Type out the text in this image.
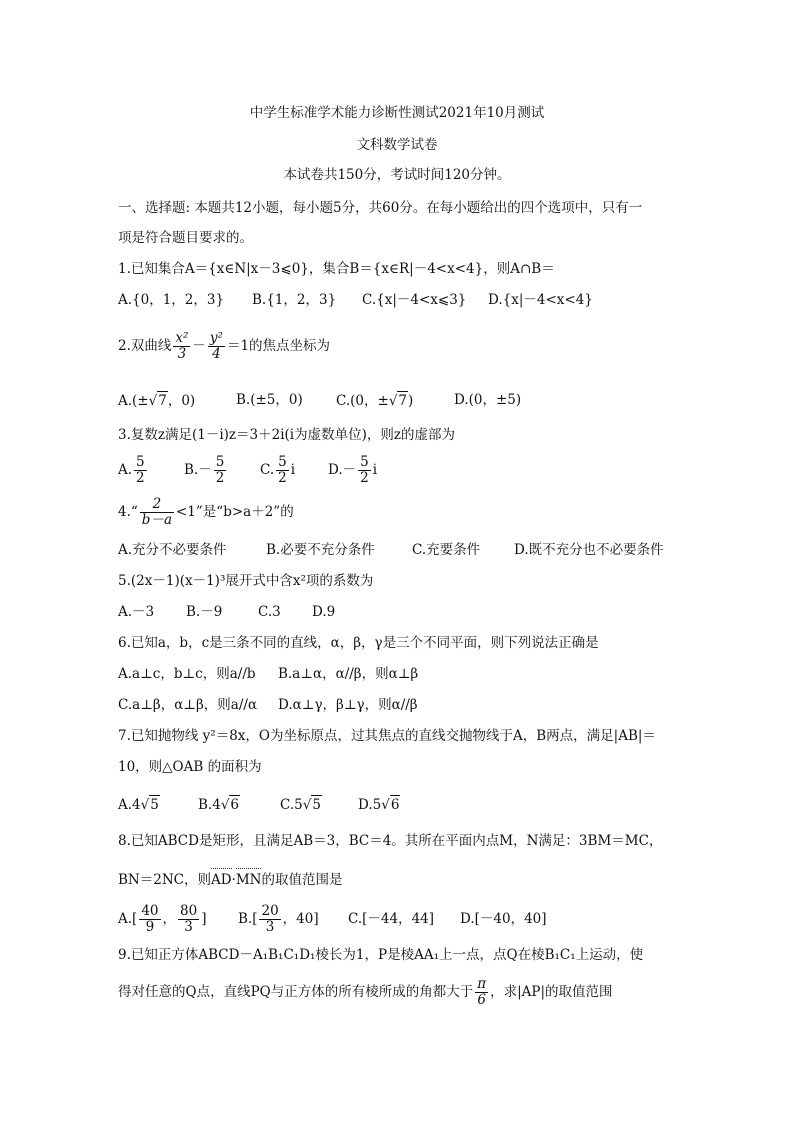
中学生标准学术能力诊断性测试2021年10月测试
文科数学试卷
本试卷共150分，考试时间120分钟。
一、选择题: 本题共12小题，每小题5分，共60分。在每小题给出的四个选项中，只有一
项是符合题目要求的。
1.已知集合A＝{x∈N|x－3⩽0}，集合B＝{x∈R|－4<x<4}，则A∩B＝
A.{0，1，2，3} B.{1，2，3} C.{x|－4<x⩽3} D.{x|－4<x<4}
2.双曲线 $\frac{\text{x²}}{3} - \frac{\text{y²}}{4} =1$的焦点坐标为
A.(±√7，0)	B.(±5，0) C.(0，±√7)	D.(0，±5)
3.复数z满足(1－i)z＝3＋2i(i为虚数单位)，则z的虚部为
A. $\frac{5}{2}$	$B.- \frac{5}{2} C$. $\frac{5}{2}$ i $D.- \frac{5}{2}$ i
4.“ $\frac{2}{b-a} <1$”是“b>a＋2”的
A.充分不必要条件	B.必要不充分条件	C.充要条件	D.既不充分也不必要条件
5.(2x－1)(x－1)³展开式中含x²项的系数为
A.－3 B.－9	C.3 D.9
6.已知a，b，c是三条不同的直线，α，β，γ是三个不同平面，则下列说法正确是
A.a⊥c，b⊥c，则a//b B.a⊥α，α//β，则α⊥β
C.a⊥β，α⊥β，则a//α D.α⊥γ，β⊥γ，则α//β
7.已知抛物线 y²＝8x，O为坐标原点，过其焦点的直线交抛物线于A，B两点，满足|AB|＝
10，则△OAB 的面积为
A.4√5	B.4√6	C.5√5	D.5√6
8.已知ABCD是矩形，且满足AB＝3，BC＝4。其所在平面内点M，N满足：3BM＝MC，
BN＝2NC，则AD·MN的取值范围是
$A.[ \frac{40}{9}$ ， $\frac{80}{3}$ ] $B.[ \frac{20}{3}$ ，40] C.[－44，44] D.[－40，40]
9.已知正方体ABCD－A₁B₁C₁D₁棱长为1，P是棱AA₁上一点，点Q在棱B₁C₁上运动，使
得对任意的Q点，直线PQ与正方体的所有棱所成的角都大于 $\frac{\pi}{6}$ ，求|AP|的取值范围
